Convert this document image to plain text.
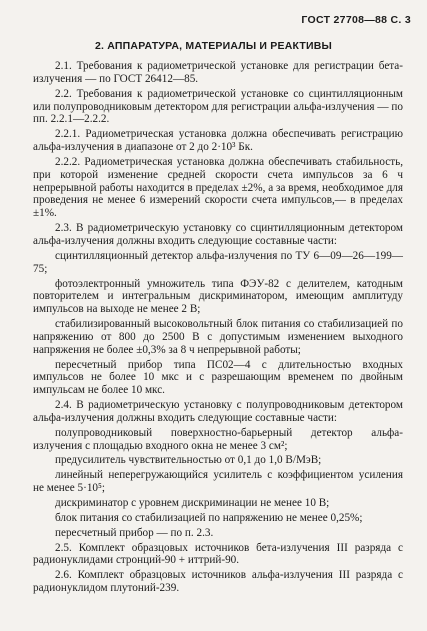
ГОСТ 27708—88 С. 3
2. АППАРАТУРА, МАТЕРИАЛЫ И РЕАКТИВЫ

2.1. Требования к радиометрической установке для регистрации бета-излучения — по ГОСТ 26412—85.

2.2. Требования к радиометрической установке со сцинтилляционным или полупроводниковым детектором для регистрации альфа-излучения — по пп. 2.2.1—2.2.2.

2.2.1. Радиометрическая установка должна обеспечивать регистрацию альфа-излучения в диапазоне от 2 до 2·10³ Бк.

2.2.2. Радиометрическая установка должна обеспечивать стабильность, при которой изменение средней скорости счета импульсов за 6 ч непрерывной работы находится в пределах ±2%, а за время, необходимое для проведения не менее 6 измерений скорости счета импульсов,— в пределах ±1%.

2.3. В радиометрическую установку со сцинтилляционным детектором альфа-излучения должны входить следующие составные части:

сцинтилляционный детектор альфа-излучения по ТУ 6—09—26—199—75;

фотоэлектронный умножитель типа ФЭУ-82 с делителем, катодным повторителем и интегральным дискриминатором, имеющим амплитуду импульсов на выходе не менее 2 В;

стабилизированный высоковольтный блок питания со стабилизацией по напряжению от 800 до 2500 В с допустимым изменением выходного напряжения не более ±0,3% за 8 ч непрерывной работы;

пересчетный прибор типа ПС02—4 с длительностью входных импульсов не более 10 мкс и с разрешающим временем по двойным импульсам не более 10 мкс.

2.4. В радиометрическую установку с полупроводниковым детектором альфа-излучения должны входить следующие составные части:

полупроводниковый поверхностно-барьерный детектор альфа-излучения с площадью входного окна не менее 3 см²;

предусилитель чувствительностью от 0,1 до 1,0 В/МэВ;

линейный неперегружающийся усилитель с коэффициентом усиления не менее 5·10⁵;

дискриминатор с уровнем дискриминации не менее 10 В;

блок питания со стабилизацией по напряжению не менее 0,25%;

пересчетный прибор — по п. 2.3.

2.5. Комплект образцовых источников бета-излучения III разряда с радионуклидами стронций-90 + иттрий-90.

2.6. Комплект образцовых источников альфа-излучения III разряда с радионуклидом плутоний-239.
